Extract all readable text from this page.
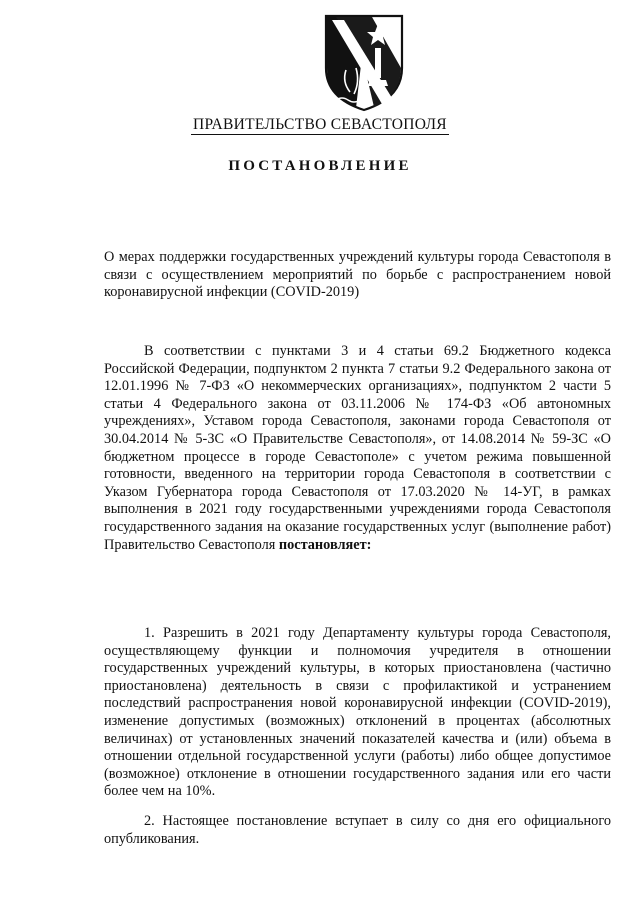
ПРАВИТЕЛЬСТВО СЕВАСТОПОЛЯ
ПОСТАНОВЛЕНИЕ
О мерах поддержки государственных учреждений культуры города Севастополя в связи с осуществлением мероприятий по борьбе с распространением новой коронавирусной инфекции (COVID-2019)
В соответствии с пунктами 3 и 4 статьи 69.2 Бюджетного кодекса Российской Федерации, подпунктом 2 пункта 7 статьи 9.2 Федерального закона от 12.01.1996 № 7-ФЗ «О некоммерческих организациях», подпунктом 2 части 5 статьи 4 Федерального закона от 03.11.2006 № 174-ФЗ «Об автономных учреждениях», Уставом города Севастополя, законами города Севастополя от 30.04.2014 № 5-ЗС «О Правительстве Севастополя», от 14.08.2014 № 59-ЗС «О бюджетном процессе в городе Севастополе» с учетом режима повышенной готовности, введенного на территории города Севастополя в соответствии с Указом Губернатора города Севастополя от 17.03.2020 № 14-УГ, в рамках выполнения в 2021 году государственными учреждениями города Севастополя государственного задания на оказание государственных услуг (выполнение работ) Правительство Севастополя постановляет:
1. Разрешить в 2021 году Департаменту культуры города Севастополя, осуществляющему функции и полномочия учредителя в отношении государственных учреждений культуры, в которых приостановлена (частично приостановлена) деятельность в связи с профилактикой и устранением последствий распространения новой коронавирусной инфекции (COVID-2019), изменение допустимых (возможных) отклонений в процентах (абсолютных величинах) от установленных значений показателей качества и (или) объема в отношении отдельной государственной услуги (работы) либо общее допустимое (возможное) отклонение в отношении государственного задания или его части более чем на 10%.
2. Настоящее постановление вступает в силу со дня его официального опубликования.
